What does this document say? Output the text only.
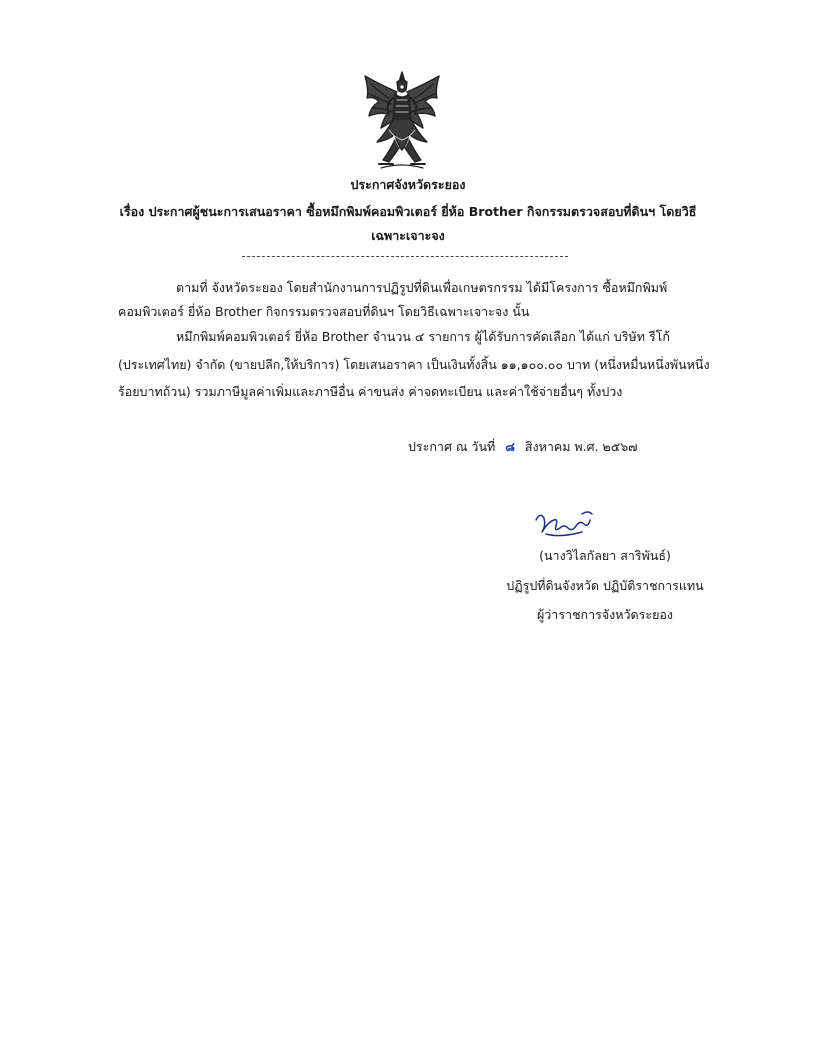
ประกาศจังหวัดระยอง
เรื่อง ประกาศผู้ชนะการเสนอราคา ซื้อหมึกพิมพ์คอมพิวเตอร์ ยี่ห้อ Brother กิจกรรมตรวจสอบที่ดินฯ โดยวิธี
เฉพาะเจาะจง
ตามที่ จังหวัดระยอง โดยสำนักงานการปฏิรูปที่ดินเพื่อเกษตรกรรม ได้มีโครงการ ซื้อหมึกพิมพ์
คอมพิวเตอร์ ยี่ห้อ Brother กิจกรรมตรวจสอบที่ดินฯ โดยวิธีเฉพาะเจาะจง นั้น
หมึกพิมพ์คอมพิวเตอร์ ยี่ห้อ Brother จำนวน ๔ รายการ ผู้ได้รับการคัดเลือก ได้แก่ บริษัท รีโก้
(ประเทศไทย) จำกัด (ขายปลีก,ให้บริการ) โดยเสนอราคา เป็นเงินทั้งสิ้น ๑๑,๑๐๐.๐๐ บาท (หนึ่งหมื่นหนึ่งพันหนึ่ง
ร้อยบาทถ้วน) รวมภาษีมูลค่าเพิ่มและภาษีอื่น ค่าขนส่ง ค่าจดทะเบียน และค่าใช้จ่ายอื่นๆ ทั้งปวง
ประกาศ ณ วันที่ ๘ สิงหาคม พ.ศ. ๒๕๖๗
(นางวิไลกัลยา สาริพันธ์)
ปฏิรูปที่ดินจังหวัด ปฏิบัติราชการแทน
ผู้ว่าราชการจังหวัดระยอง
